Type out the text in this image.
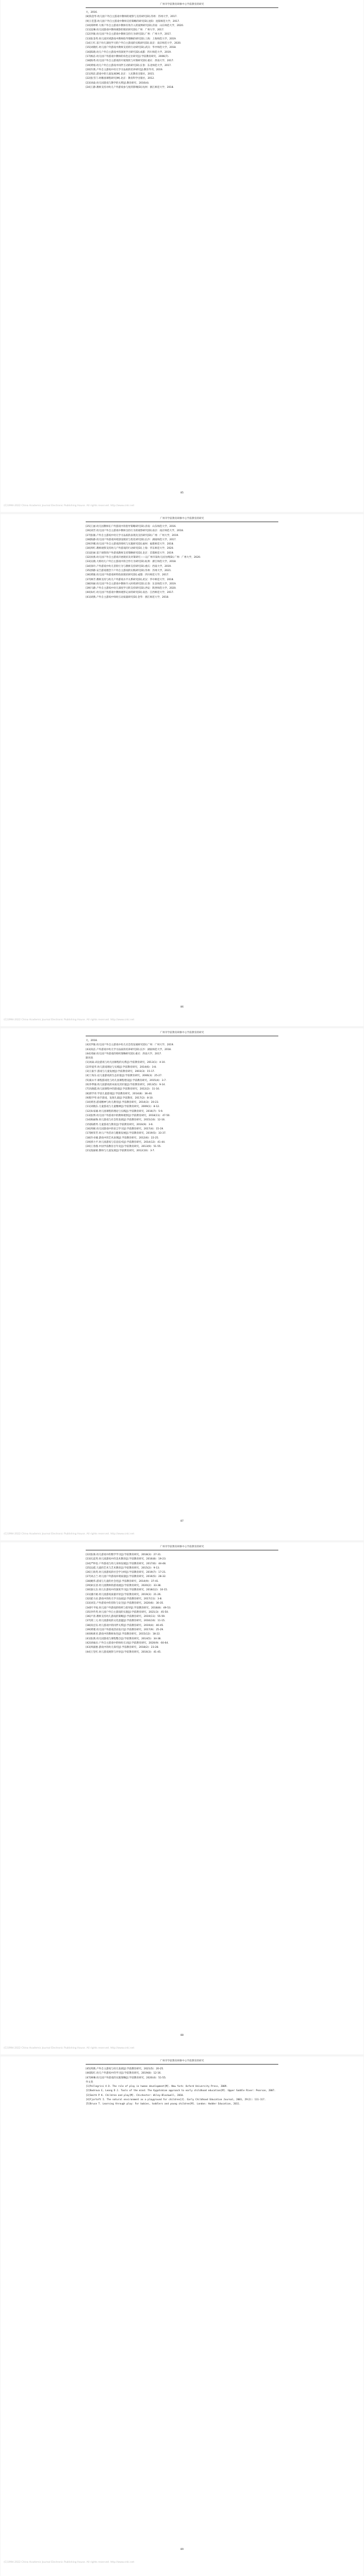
广州市学前教育研修中心学前教育的研究

大，2016.

[8]钱金琴.幼儿园户外自主游戏中教师的观察与支持研究[D].苏州：苏州大学，2017.

[9]王佳慧.幼儿园户外自主游戏中教师支持策略的研究[D].沈阳：沈阳师范大学，2017.

[10]郑婷婷.大班户外自主游戏中教师有效介入的案例研究[D].济南：山东师范大学，2020.

[11]沈琳.幼儿园游戏中教师观察的现状研究[D].广州：广州大学，2017.

[12]李敏.幼儿园户外自主游戏中教师支持行为研究[D].广州：广州大学，2017.

[13]张金英.幼儿园区域游戏中教师指导策略的研究[D].上海：上海师范大学，2019.

[14]王红.基于幼儿深度学习的户外自主游戏的实践研究[D].南京：南京师范大学，2020.

[15]刘晓红.幼儿园户外游戏中教师支持的行动研究[D].武汉：华中师范大学，2018.

[16]陈晓.幼儿户外自主游戏中的深度学习研究[D].成都：四川师范大学，2019.

[17]杨洁.幼儿园户外游戏中教师的角色定位研究[J].学前教育研究，2006(7).

[18]陈秀.幼儿园户外自主游戏的开展现状与对策研究[D].重庆：西南大学，2017.

[19]黄娟.幼儿户外自主游戏中同伴互动的研究[D].长春：东北师范大学，2017.

[20]许燕.户外自主游戏中幼儿学习品质的培养研究[J].教育导刊，2019.

[21]周洁.游戏中的儿童发展[M].北京：人民教育出版社，2015.

[22]张雪门.幼稚园课程研究[M].北京：教育科学出版社，2012.

[23]刘焱.幼儿园游戏与教学的关系[J].教育研究，2016(4).

[24]王静.教师支持对幼儿户外游戏参与度的影响[D].杭州：浙江师范大学，2018.

85
(C)1994-2022 China Academic Journal Electronic Publishing House. All rights reserved. http://www.cnki.net
广州市学前教育研修中心学前教育的研究

[25]王丽.幼儿园教师在户外游戏中的指导策略研究[D].济南：山东师范大学，2016.

[26]刘芳.幼儿园户外自主游戏中教师支持行为的观察研究[D].南京：南京师范大学，2018.

[27]张敏.户外自主游戏中幼儿学习品质的表现及支持研究[D].广州：广州大学，2019.

[28]陈静.幼儿园户外游戏环境创设现状与优化研究[D].长沙：湖南师范大学，2017.

[29]李娜.幼儿园户外自主游戏的组织与实施研究[D].福州：福建师范大学，2018.

[30]周红.教师观察支持幼儿户外游戏的行动研究[D].上海：华东师范大学，2020.

[31]赵丽.基于观察的户外游戏教师支持策略研究[D].北京：首都师范大学，2019.

[32]孙燕.幼儿园户外自主游戏开展现状及对策研究——以广州市某幼儿园为例[D].广州：广州大学，2020.

[33]吴晓.大班幼儿户外自主游戏中的合作行为研究[D].杭州：浙江师范大学，2018.

[34]徐玲.户外游戏中幼儿冒险行为与教师支持研究[D].重庆：西南大学，2019.

[35]郭静.安吉游戏理念下户外自主游戏的实践研究[D].苏州：苏州大学，2021.

[36]黄敏.幼儿园户外游戏材料投放现状研究[D].成都：四川师范大学，2017.

[37]林芳.教师支持与幼儿户外游戏水平关系研究[D].武汉：华中师范大学，2018.

[38]何丽.幼儿园户外自主游戏中教师介入时机研究[D].长春：东北师范大学，2019.

[39]马静.户外自主游戏中幼儿深度学习的支持研究[D].西安：陕西师范大学，2020.

[40]朱红.幼儿园户外游戏中教师观察记录的研究[D].南昌：江西师范大学，2017.

[41]胡燕.户外自主游戏中师幼互动质量研究[D].金华：浙江师范大学，2018.

86
(C)1994-2022 China Academic Journal Electronic Publishing House. All rights reserved. http://www.cnki.net
广州市学前教育研修中心学前教育的研究

大，2018.

[42]罗敏.幼儿园户外自主游戏中幼儿社会性发展研究[D].广州：广州大学，2019.

[43]高洁.户外游戏中幼儿学习品质的培养研究[D].长沙：湖南师范大学，2018.

[44]邓丽.幼儿园户外游戏的组织策略研究[D].重庆：西南大学，2017.

期刊类

[1]刘焱.试论游戏与幼儿园课程的关系[J].学前教育研究，2013(1)：4-10.

[2]华爱华.幼儿游戏理论与实践[J].学前教育研究，2014(6)：3-8.

[3]王振宇.游戏与儿童发展[J].学前教育研究，2003(3)：15-17.

[4]丁海东.论儿童游戏的生态价值[J].学前教育研究，2006(3)：25-27.

[5]虞永平.课程游戏化与幼儿园课程建设[J].学前教育研究，2015(4)：3-7.

[6]李季湄.幼儿园游戏的本质及其价值[J].学前教育研究，2013(5)：9-14.

[7]冯晓霞.幼儿园课程中的游戏[J].学前教育研究，2012(2)：11-16.

[8]邱学青.学前儿童游戏[J].学前教育研究，2014(8)：36-40.

[9]程学琴.放手游戏，发现儿童[J].学前教育，2017(2)：8-10.

[10]黄进.游戏精神与幼儿教育[J].学前教育研究，2014(3)：20-23.

[11]刘晓东.儿童游戏与儿童精神[J].学前教育研究，2009(1)：8-12.

[12]朱家雄.幼儿园课程的理论与实践[J].学前教育研究，2016(7)：5-9.

[13]张博.幼儿园户外游戏中的教师观察[J].学前教育研究，2018(11)：47-50.

[14]杨丽珠.幼儿游戏与社会性发展[J].学前教育研究，2015(10)：12-16.

[15]陈鹤琴.儿童游戏与教育[J].学前教育研究，2016(9)：3-6.

[16]周兢.幼儿园游戏中的语言学习[J].学前教育研究，2017(4)：15-19.

[17]顾荣芳.幼儿户外活动与健康发展[J].学前教育研究，2019(5)：33-37.

[18]许卓娅.游戏中的艺术表现[J].学前教育研究，2012(6)：22-25.

[19]郭力平.幼儿园游戏与信息技术[J].学前教育研究，2014(12)：41-44.

[20]王春燕.中国学前教育百年史[J].学前教育研究，2013(9)：51-55.

[21]庞丽娟.教师与儿童发展[J].学前教育研究，2012(10)：3-7.

87
(C)1994-2022 China Academic Journal Electronic Publishing House. All rights reserved. http://www.cnki.net
广州市学前教育研修中心学前教育的研究

[22]张俊.幼儿游戏中的数学学习[J].学前教育研究，2018(3)：27-31.

[23]孔起英.幼儿园游戏中的美术教育[J].学前教育研究，2016(8)：19-23.

[24]严仲连.户外游戏与幼儿身体发展[J].学前教育研究，2017(6)：44-48.

[25]边霞.儿童的艺术与艺术教育[J].学前教育研究，2015(2)：9-13.

[26]王海英.幼儿园游戏的社会学分析[J].学前教育研究，2019(7)：17-21.

[27]刘占兰.幼儿园户外游戏环境质量[J].学前教育研究，2016(5)：28-32.

[28]姚伟.游戏与儿童的社会化[J].学前教育研究，2014(9)：37-41.

[29]索长清.幼儿园教师的游戏观[J].学前教育研究，2020(2)：33-38.

[30]秦元东.幼儿在游戏中的深度学习[J].学前教育研究，2018(12)：10-15.

[31]潘月娟.幼儿园游戏质量评价[J].学前教育研究，2019(3)：21-26.

[32]霍力岩.游戏中的幼儿学习品质[J].学前教育研究，2017(11)：3-8.

[33]刘昊.户外游戏中的冒险与安全[J].学前教育研究，2020(6)：30-35.

[34]叶平枝.幼儿园户外游戏的组织与指导[J].学前教育研究，2018(8)：49-53.

[35]李传英.幼儿园户外自主游戏的实施[J].学前教育研究，2021(3)：45-50.

[36]卢清.教师支持幼儿游戏的策略[J].学前教育研究，2019(11)：55-59.

[37]郑三元.幼儿园游戏的文化意蕴[J].学前教育研究，2016(10)：11-15.

[38]高宏钰.幼儿游戏中的同伴关系[J].学前教育研究，2019(4)：40-45.

[39]黄瑾.幼儿园户外游戏活动设计[J].学前教育研究，2017(9)：25-29.

[40]杨莉君.游戏中的教师角色[J].学前教育研究，2015(12)：18-22.

[41]张燕.幼儿园游戏与课程整合[J].学前教育研究，2014(5)：34-38.

[42]胡福贞.户外自主游戏中的师幼互动[J].学前教育研究，2020(9)：60-64.

[43]周淑惠.游戏中的幼儿探究[J].学前教育研究，2018(2)：23-28.

[44]王坚红.幼儿游戏观察与评价[J].学前教育研究，2016(3)：41-45.

88
(C)1994-2022 China Academic Journal Electronic Publishing House. All rights reserved. http://www.cnki.net
广州市学前教育研修中心学前教育的研究

[45]周燕.户外自主游戏与幼儿发展[J].学前教育研究，2021(5)：20-25.

[46]陈红.幼儿户外游戏中的学习[J].学前教育研究，2019(8)：12-16.

[47]林琳.幼儿园户外游戏的实施策略[J].学前教育研究，2020(4)：51-55.

外文类

[1]Pellegrini A D. The role of play in human development[M]. New York: Oxford University Press, 2009.

[2]Bodrova E, Leong D J. Tools of the mind: The Vygotskian approach to early childhood education[M]. Upper Saddle River: Pearson, 2007.

[3]Smith P K. Children and play[M]. Chichester: Wiley-Blackwell, 2010.

[4]Fjortoft I. The natural environment as a playground for children[J]. Early Childhood Education Journal, 2001, 29(2): 111-117.

[5]Bruce T. Learning through play: For babies, toddlers and young children[M]. London: Hodder Education, 2011.

89
(C)1994-2022 China Academic Journal Electronic Publishing House. All rights reserved. http://www.cnki.net
